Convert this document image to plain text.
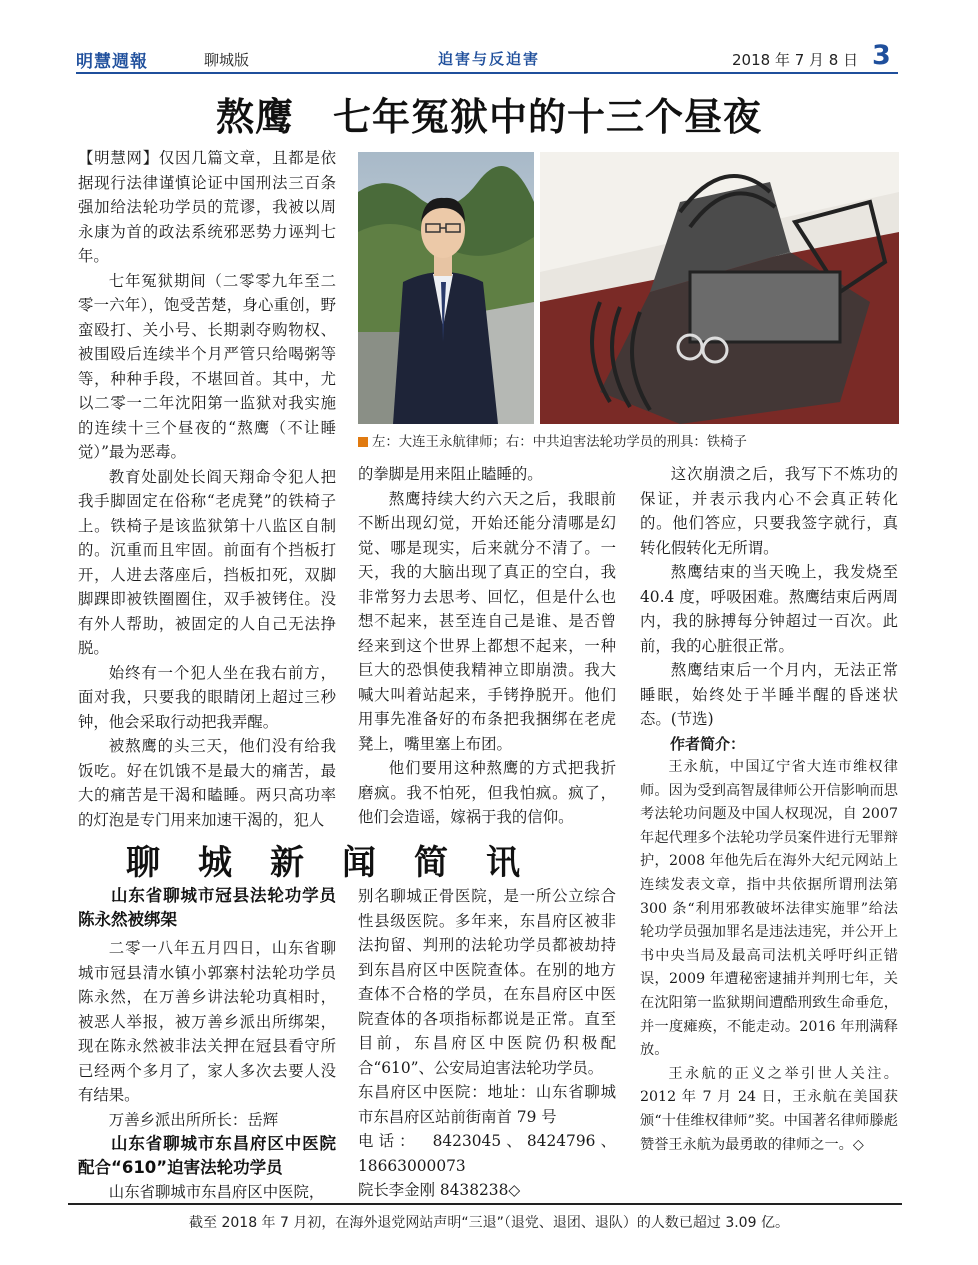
明慧週報	聊城版	迫害与反迫害	2018 年 7 月 8 日 3
熬鹰　七年冤狱中的十三个昼夜

【明慧网】仅因几篇文章，且都是依据现行法律谨慎论证中国刑法三百条强加给法轮功学员的荒谬，我被以周永康为首的政法系统邪恶势力诬判七年。

七年冤狱期间（二零零九年至二零一六年），饱受苦楚，身心重创，野蛮殴打、关小号、长期剥夺购物权、被围殴后连续半个月严管只给喝粥等等，种种手段，不堪回首。其中，尤以二零一二年沈阳第一监狱对我实施的连续十三个昼夜的“熬鹰（不让睡觉）”最为恶毒。

教育处副处长阎天翔命令犯人把我手脚固定在俗称“老虎凳”的铁椅子上。铁椅子是该监狱第十八监区自制的。沉重而且牢固。前面有个挡板打开，人进去落座后，挡板扣死，双脚脚踝即被铁圈圈住，双手被铐住。没有外人帮助，被固定的人自己无法挣脱。

始终有一个犯人坐在我右前方，面对我，只要我的眼睛闭上超过三秒钟，他会采取行动把我弄醒。

被熬鹰的头三天，他们没有给我饭吃。好在饥饿不是最大的痛苦，最大的痛苦是干渴和瞌睡。两只高功率的灯泡是专门用来加速干渴的，犯人

左：大连王永航律师；右：中共迫害法轮功学员的刑具：铁椅子

的拳脚是用来阻止瞌睡的。

熬鹰持续大约六天之后，我眼前不断出现幻觉，开始还能分清哪是幻觉、哪是现实，后来就分不清了。一天，我的大脑出现了真正的空白，我非常努力去思考、回忆，但是什么也想不起来，甚至连自己是谁、是否曾经来到这个世界上都想不起来，一种巨大的恐惧使我精神立即崩溃。我大喊大叫着站起来，手铐挣脱开。他们用事先准备好的布条把我捆绑在老虎凳上，嘴里塞上布团。

他们要用这种熬鹰的方式把我折磨疯。我不怕死，但我怕疯。疯了，他们会造谣，嫁祸于我的信仰。

这次崩溃之后，我写下不炼功的保证，并表示我内心不会真正转化的。他们答应，只要我签字就行，真转化假转化无所谓。

熬鹰结束的当天晚上，我发烧至40.4 度，呼吸困难。熬鹰结束后两周内，我的脉搏每分钟超过一百次。此前，我的心脏很正常。

熬鹰结束后一个月内，无法正常睡眠，始终处于半睡半醒的昏迷状态。(节选)

作者简介：

王永航，中国辽宁省大连市维权律师。因为受到高智晟律师公开信影响而思考法轮功问题及中国人权现况，自 2007 年起代理多个法轮功学员案件进行无罪辩护，2008 年他先后在海外大纪元网站上连续发表文章，指中共依据所谓刑法第 300 条“利用邪教破坏法律实施罪”给法轮功学员强加罪名是违法违宪，并公开上书中央当局及最高司法机关呼吁纠正错误，2009 年遭秘密逮捕并判刑七年，关在沈阳第一监狱期间遭酷刑致生命垂危，并一度瘫痪，不能走动。2016 年刑满释放。

王永航的正义之举引世人关注。2012 年 7 月 24 日，王永航在美国获颁“十佳维权律师”奖。中国著名律师滕彪赞誉王永航为最勇敢的律师之一。◇

聊城新闻简讯
山东省聊城市冠县法轮功学员陈永然被绑架

二零一八年五月四日，山东省聊城市冠县清水镇小郭寨村法轮功学员陈永然，在万善乡讲法轮功真相时，被恶人举报，被万善乡派出所绑架，现在陈永然被非法关押在冠县看守所已经两个多月了，家人多次去要人没有结果。

万善乡派出所所长：岳辉

山东省聊城市东昌府区中医院配合“610”迫害法轮功学员

山东省聊城市东昌府区中医院，

别名聊城正骨医院，是一所公立综合性县级医院。多年来，东昌府区被非法拘留、判刑的法轮功学员都被劫持到东昌府区中医院查体。在别的地方查体不合格的学员，在东昌府区中医院查体的各项指标都说是正常。直至目前，东昌府区中医院仍积极配合“610”、公安局迫害法轮功学员。

东昌府区中医院：地址：山东省聊城市东昌府区站前街南首 79 号

电话：　8423045、8424796、18663000073

院长李金刚 8438238◇

截至 2018 年 7 月初，在海外退党网站声明“三退”（退党、退团、退队）的人数已超过 3.09 亿。
